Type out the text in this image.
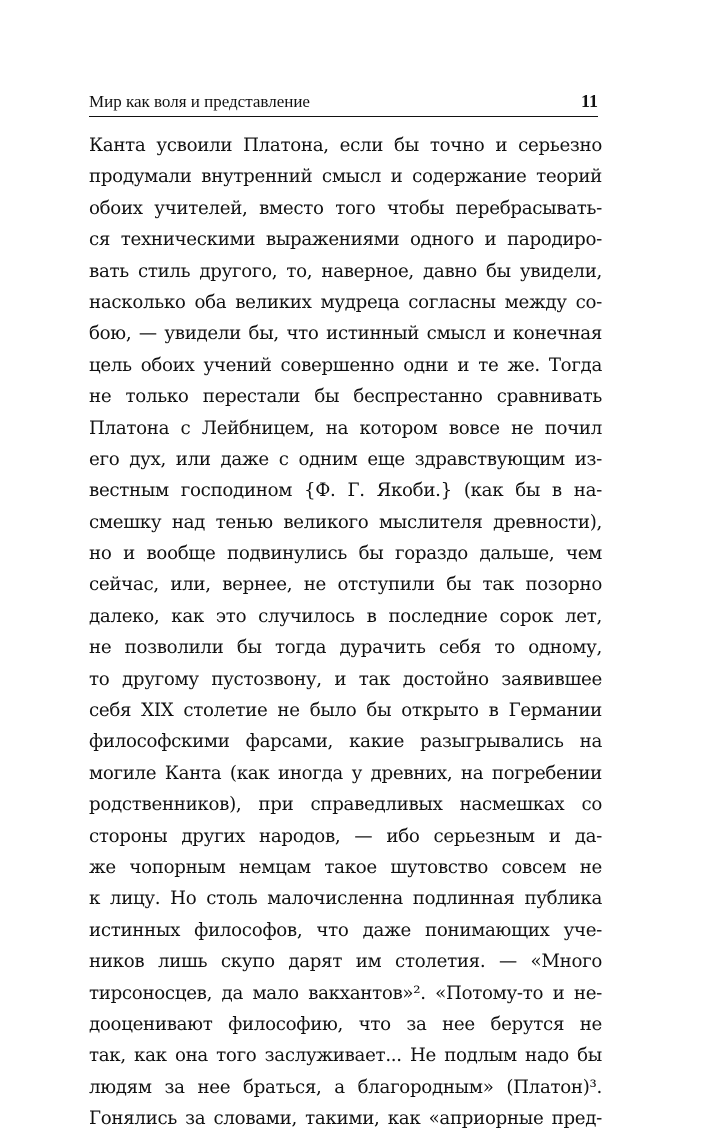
Мир как воля и представление	11
Канта усвоили Платона, если бы точно и серьезно
продумали внутренний смысл и содержание теорий
обоих учителей, вместо того чтобы перебрасывать-
ся техническими выражениями одного и пародиро-
вать стиль другого, то, наверное, давно бы увидели,
насколько оба великих мудреца согласны между со-
бою, — увидели бы, что истинный смысл и конечная
цель обоих учений совершенно одни и те же. Тогда
не только перестали бы беспрестанно сравнивать
Платона с Лейбницем, на котором вовсе не почил
его дух, или даже с одним еще здравствующим из-
вестным господином {Ф. Г. Якоби.} (как бы в на-
смешку над тенью великого мыслителя древности),
но и вообще подвинулись бы гораздо дальше, чем
сейчас, или, вернее, не отступили бы так позорно
далеко, как это случилось в последние сорок лет,
не позволили бы тогда дурачить себя то одному,
то другому пустозвону, и так достойно заявившее
себя XIX столетие не было бы открыто в Германии
философскими фарсами, какие разыгрывались на
могиле Канта (как иногда у древних, на погребении
родственников), при справедливых насмешках со
стороны других народов, — ибо серьезным и да-
же чопорным немцам такое шутовство совсем не
к лицу. Но столь малочисленна подлинная публика
истинных философов, что даже понимающих уче-
ников лишь скупо дарят им столетия. — «Много
тирсоносцев, да мало вакхантов»². «Потому-то и не-
дооценивают философию, что за нее берутся не
так, как она того заслуживает... Не подлым надо бы
людям за нее браться, а благородным» (Платон)³.
Гонялись за словами, такими, как «априорные пред-
